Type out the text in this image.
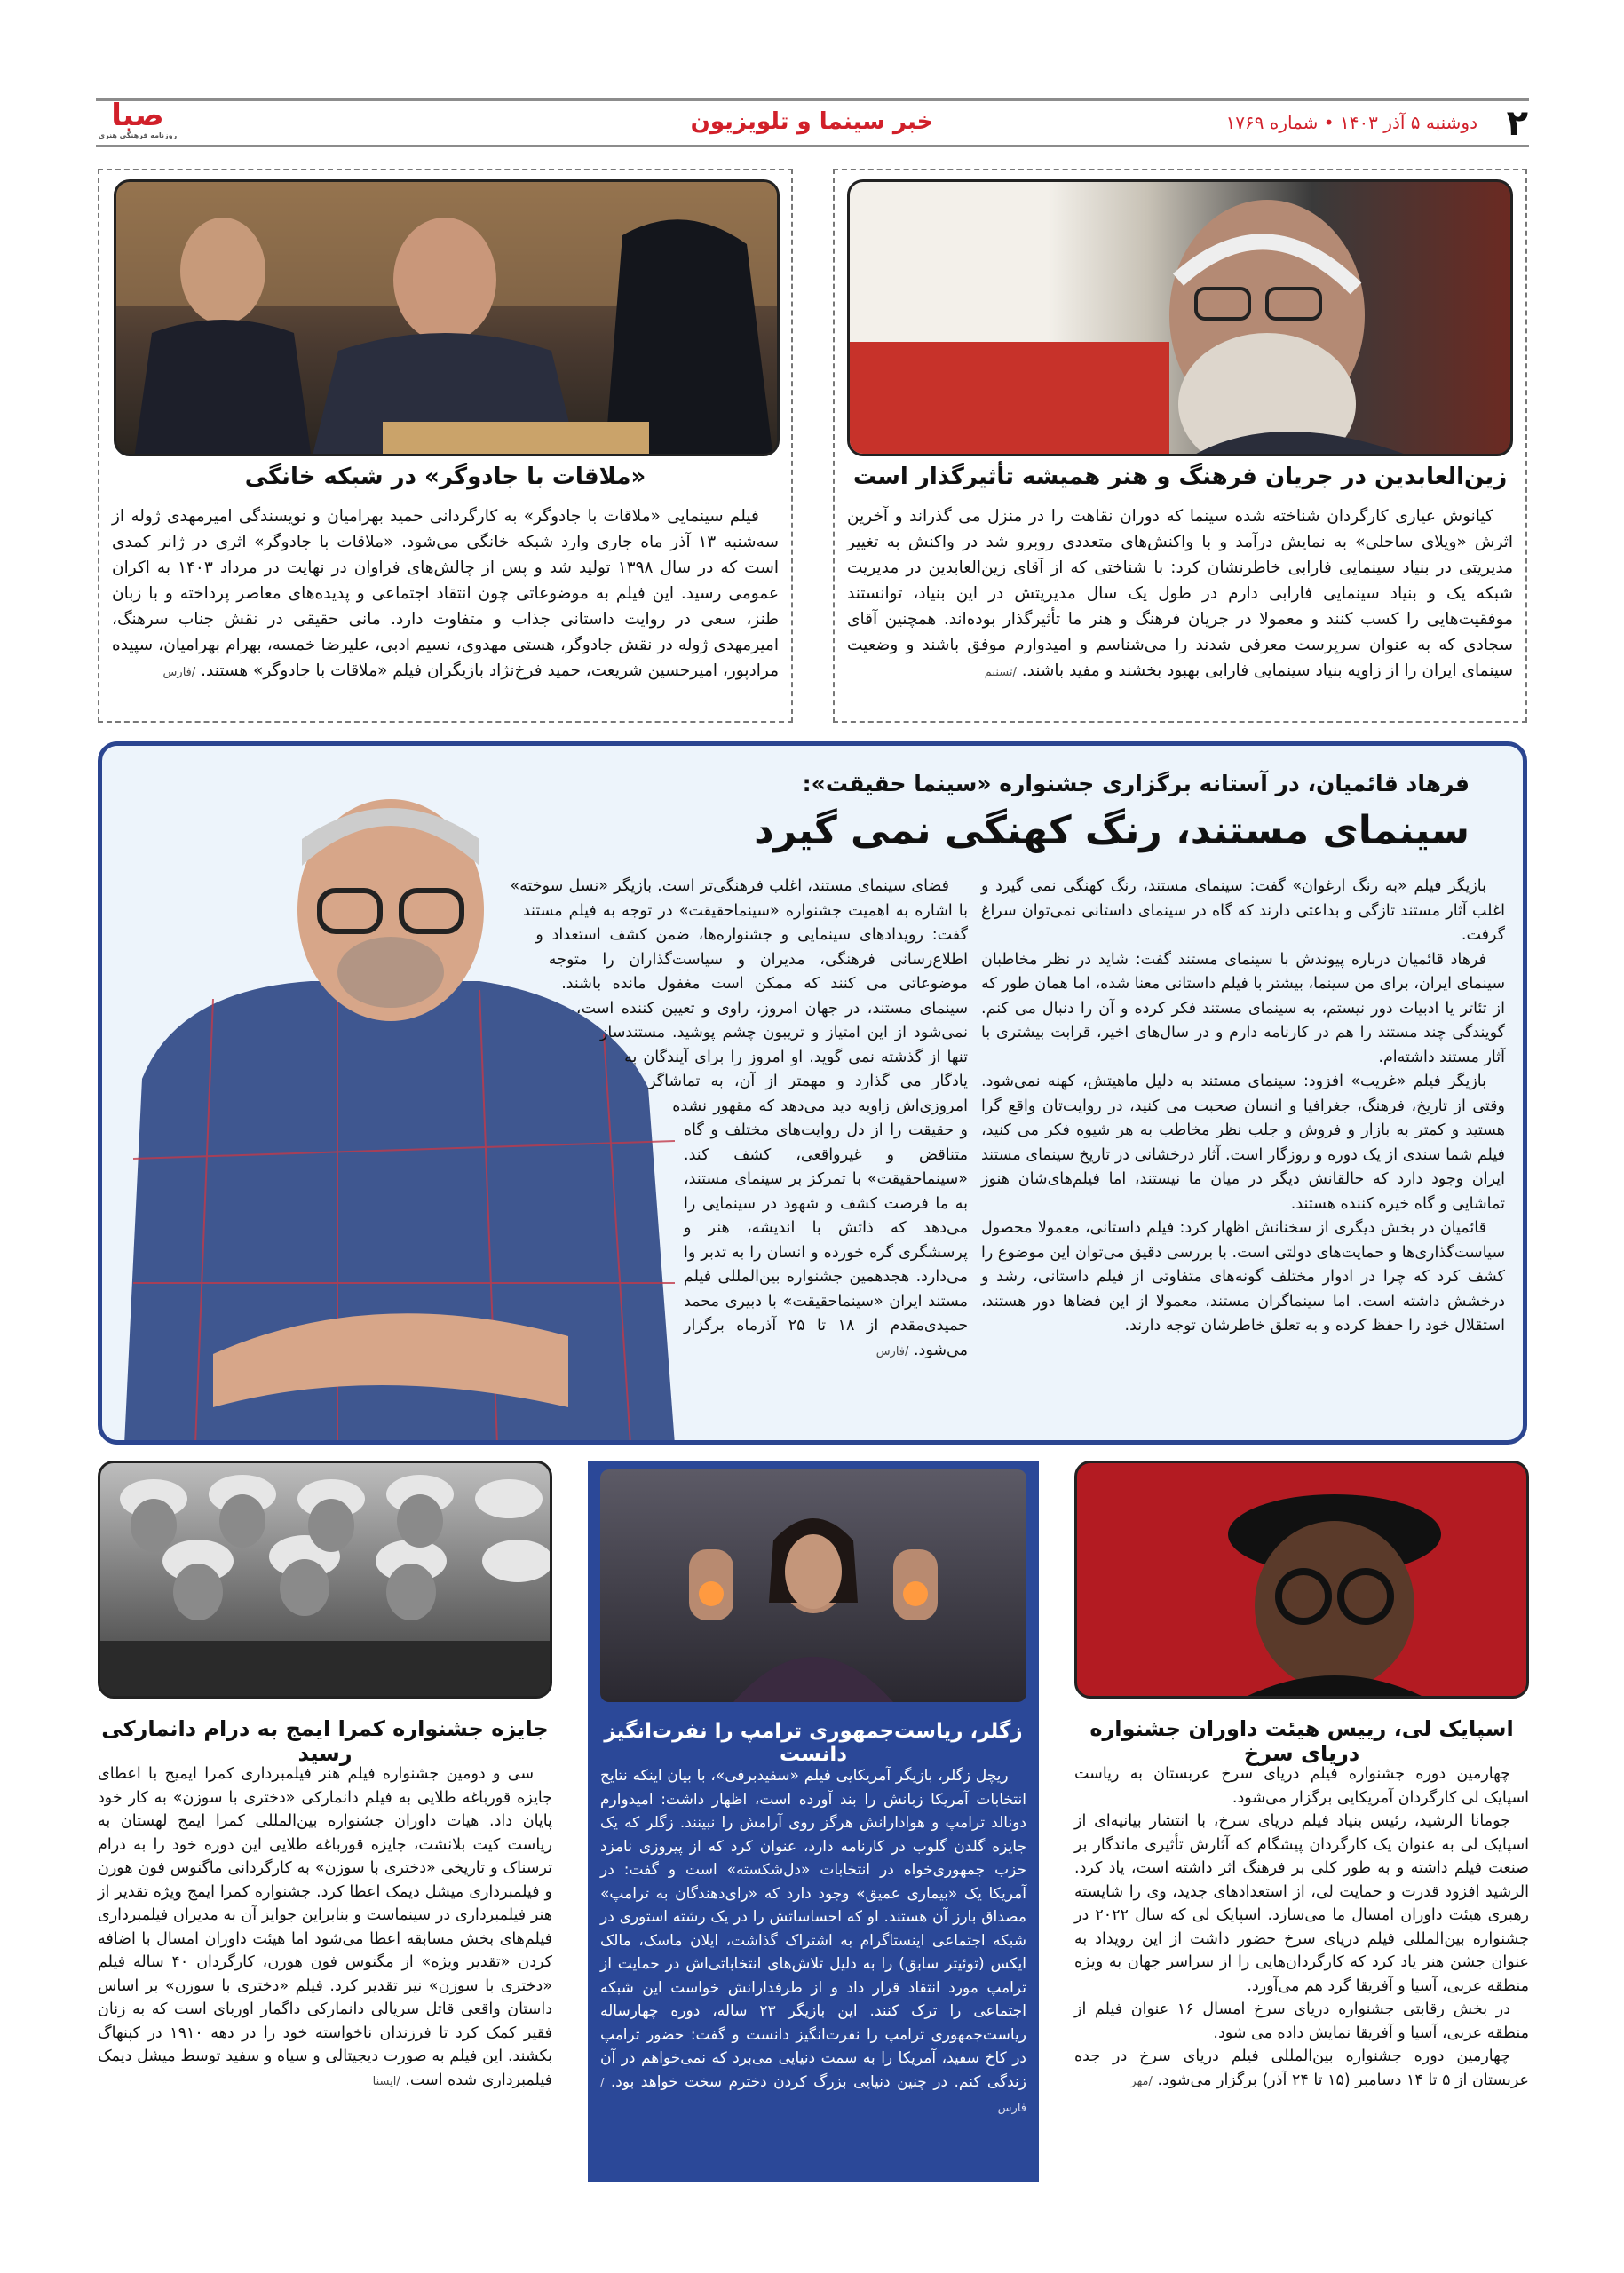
۲
دوشنبه ۵ آذر ۱۴۰۳ • شماره ۱۷۶۹
خبر سینما و تلویزیون
صبا
روزنامه فرهنگی هنری
زین‌العابدین در جریان فرهنگ و هنر همیشه تأثیرگذار است

کیانوش عیاری کارگردان شناخته شده سینما که دوران نقاهت را در منزل می گذراند و آخرین اثرش «ویلای ساحلی» به نمایش درآمد و با واکنش‌های متعددی روبرو شد در واکنش به تغییر مدیریتی در بنیاد سینمایی فارابی خاطرنشان کرد: با شناختی که از آقای زین‌العابدین در مدیریت شبکه یک و بنیاد سینمایی فارابی دارم در طول یک سال مدیریتش در این بنیاد، توانستند موفقیت‌هایی را کسب کنند و معمولا در جریان فرهنگ و هنر ما تأثیرگذار بوده‌اند. همچنین آقای سجادی که به عنوان سرپرست معرفی شدند را می‌شناسم و امیدوارم موفق باشند و وضعیت سینمای ایران را از زاویه بنیاد سینمایی فارابی بهبود بخشند و مفید باشند. /تسنیم

«ملاقات با جادوگر» در شبکه خانگی

فیلم سینمایی «ملاقات با جادوگر» به کارگردانی حمید بهرامیان و نویسندگی امیرمهدی ژوله از سه‌شنبه ۱۳ آذر ماه جاری وارد شبکه خانگی می‌شود. «ملاقات با جادوگر» اثری در ژانر کمدی است که در سال ۱۳۹۸ تولید شد و پس از چالش‌های فراوان در نهایت در مرداد ۱۴۰۳ به اکران عمومی رسید. این فیلم به موضوعاتی چون انتقاد اجتماعی و پدیده‌های معاصر پرداخته و با زبان طنز، سعی در روایت داستانی جذاب و متفاوت دارد. مانی حقیقی در نقش جناب سرهنگ، امیرمهدی ژوله در نقش جادوگر، هستی مهدوی، نسیم ادبی، علیرضا خمسه، بهرام بهرامیان، سپیده مرادپور، امیرحسین شریعت، حمید فرخ‌نژاد بازیگران فیلم «ملاقات با جادوگر» هستند. /فارس

فرهاد قائمیان، در آستانه برگزاری جشنواره «سینما حقیقت»:
سینمای مستند، رنگ کهنگی نمی گیرد

بازیگر فیلم «به رنگ ارغوان» گفت: سینمای مستند، رنگ کهنگی نمی گیرد و اغلب آثار مستند تازگی و بداعتی دارند که گاه در سینمای داستانی نمی‌توان سراغ گرفت.

فرهاد قائمیان درباره پیوندش با سینمای مستند گفت: شاید در نظر مخاطبان سینمای ایران، برای من سینما، بیشتر با فیلم داستانی معنا شده، اما همان طور که از تئاتر یا ادبیات دور نیستم، به سینمای مستند فکر کرده و آن را دنبال می کنم. گویندگی چند مستند را هم در کارنامه دارم و در سال‌های اخیر، قرابت بیشتری با آثار مستند داشته‌ام.

بازیگر فیلم «غریب» افزود: سینمای مستند به دلیل ماهیتش، کهنه نمی‌شود. وقتی از تاریخ، فرهنگ، جغرافیا و انسان صحبت می کنید، در روایت‌تان واقع گرا هستید و کمتر به بازار و فروش و جلب نظر مخاطب به هر شیوه فکر می کنید، فیلم شما سندی از یک دوره و روزگار است. آثار درخشانی در تاریخ سینمای مستند ایران وجود دارد که خالقانش دیگر در میان ما نیستند، اما فیلم‌های‌شان هنوز تماشایی و گاه خیره کننده هستند.

قائمیان در بخش دیگری از سخنانش اظهار کرد: فیلم داستانی، معمولا محصول سیاست‌گذاری‌ها و حمایت‌های دولتی است. با بررسی دقیق می‌توان این موضوع را کشف کرد که چرا در ادوار مختلف گونه‌های متفاوتی از فیلم داستانی، رشد و درخشش داشته است. اما سینماگران مستند، معمولا از این فضاها دور هستند، استقلال خود را حفظ کرده و به تعلق خاطرشان توجه دارند.

فضای سینمای مستند، اغلب فرهنگی‌تر است. بازیگر «نسل سوخته» با اشاره به اهمیت جشنواره «سینماحقیقت» در توجه به فیلم مستند گفت: رویدادهای سینمایی و جشنواره‌ها، ضمن کشف استعداد و اطلاع‌رسانی فرهنگی، مدیران و سیاست‌گذاران را متوجه موضوعاتی می کنند که ممکن است مغفول مانده باشند. سینمای مستند، در جهان امروز، راوی و تعیین کننده است، نمی‌شود از این امتیاز و تریبون چشم پوشید. مستندساز تنها از گذشته نمی گوید. او امروز را برای آیندگان به یادگار می گذارد و مهمتر از آن، به تماشاگر امروزی‌اش زاویه دید می‌دهد که مقهور نشده و حقیقت را از دل روایت‌های مختلف و گاه متناقض و غیرواقعی، کشف کند. «سینماحقیقت» با تمرکز بر سینمای مستند، به ما فرصت کشف و شهود در سینمایی را می‌دهد که ذاتش با اندیشه، هنر و پرسشگری گره خورده و انسان را به تدبر وا می‌دارد. هجدهمین جشنواره بین‌المللی فیلم مستند ایران «سینماحقیقت» با دبیری محمد حمیدی‌مقدم از ۱۸ تا ۲۵ آذرماه برگزار می‌شود. /فارس

اسپایک لی، رییس هیئت داوران جشنواره دریای سرخ

چهارمین دوره جشنواره فیلم دریای سرخ عربستان به ریاست اسپایک لی کارگردان آمریکایی برگزار می‌شود.

جومانا الرشید، رئیس بنیاد فیلم دریای سرخ، با انتشار بیانیه‌ای از اسپایک لی به عنوان یک کارگردان پیشگام که آثارش تأثیری ماندگار بر صنعت فیلم داشته و به طور کلی بر فرهنگ اثر داشته است، یاد کرد. الرشید افزود قدرت و حمایت لی، از استعدادهای جدید، وی را شایسته رهبری هیئت داوران امسال ما می‌سازد. اسپایک لی که سال ۲۰۲۲ در جشنواره بین‌المللی فیلم دریای سرخ حضور داشت از این رویداد به عنوان جشن هنر یاد کرد که کارگردان‌هایی را از سراسر جهان به ویژه منطقه عربی، آسیا و آفریقا گرد هم می‌آورد.

در بخش رقابتی جشنواره دریای سرخ امسال ۱۶ عنوان فیلم از منطقه عربی، آسیا و آفریقا نمایش داده می شود.

چهارمین دوره جشنواره بین‌المللی فیلم دریای سرخ در جده عربستان از ۵ تا ۱۴ دسامبر (۱۵ تا ۲۴ آذر) برگزار می‌شود. /مهر

زگلر، ریاست‌جمهوری ترامپ را نفرت‌انگیز دانست

ریچل زگلر، بازیگر آمریکایی فیلم «سفیدبرفی»، با بیان اینکه نتایج انتخابات آمریکا زبانش را بند آورده است، اظهار داشت: امیدوارم دونالد ترامپ و هوادارانش هرگز روی آرامش را نبینند. زگلر که یک جایزه گلدن گلوب در کارنامه دارد، عنوان کرد که از پیروزی نامزد حزب جمهوری‌خواه در انتخابات «دل‌شکسته» است و گفت: در آمریکا یک «بیماری عمیق» وجود دارد که «رای‌دهندگان به ترامپ» مصداق بارز آن هستند. او که احساساتش را در یک رشته استوری در شبکه اجتماعی اینستاگرام به اشتراک گذاشت، ایلان ماسک، مالک ایکس (توئیتر سابق) را به دلیل تلاش‌های انتخاباتی‌اش در حمایت از ترامپ مورد انتقاد قرار داد و از طرفدارانش خواست این شبکه اجتماعی را ترک کنند. این بازیگر ۲۳ ساله، دوره چهارساله ریاست‌جمهوری ترامپ را نفرت‌انگیز دانست و گفت: حضور ترامپ در کاخ سفید، آمریکا را به سمت دنیایی می‌برد که نمی‌خواهم در آن زندگی کنم. در چنین دنیایی بزرگ کردن دخترم سخت خواهد بود. /فارس

جایزه جشنواره کمرا ایمج به درام دانمارکی رسید

سی و دومین جشنواره فیلم هنر فیلمبرداری کمرا ایمیج با اعطای جایزه قورباغه طلایی به فیلم دانمارکی «دختری با سوزن» به کار خود پایان داد. هیات داوران جشنواره بین‌المللی کمرا ایمج لهستان به ریاست کیت بلانشت، جایزه قورباغه طلایی این دوره خود را به درام ترسناک و تاریخی «دختری با سوزن» به کارگردانی ماگنوس فون هورن و فیلمبرداری میشل دیمک اعطا کرد. جشنواره کمرا ایمج ویژه تقدیر از هنر فیلمبرداری در سینماست و بنابراین جوایز آن به مدیران فیلمبرداری فیلم‌های بخش مسابقه اعطا می‌شود اما هیئت داوران امسال با اضافه کردن «تقدیر ویژه» از مگنوس فون هورن، کارگردان ۴۰ ساله فیلم «دختری با سوزن» نیز تقدیر کرد. فیلم «دختری با سوزن» بر اساس داستان واقعی قاتل سریالی دانمارکی داگمار اوربای است که به زنان فقیر کمک کرد تا فرزندان ناخواسته خود را در دهه ۱۹۱۰ در کپنهاگ بکشند. این فیلم به صورت دیجیتالی و سیاه و سفید توسط میشل دیمک فیلمبرداری شده است. /ایسنا
